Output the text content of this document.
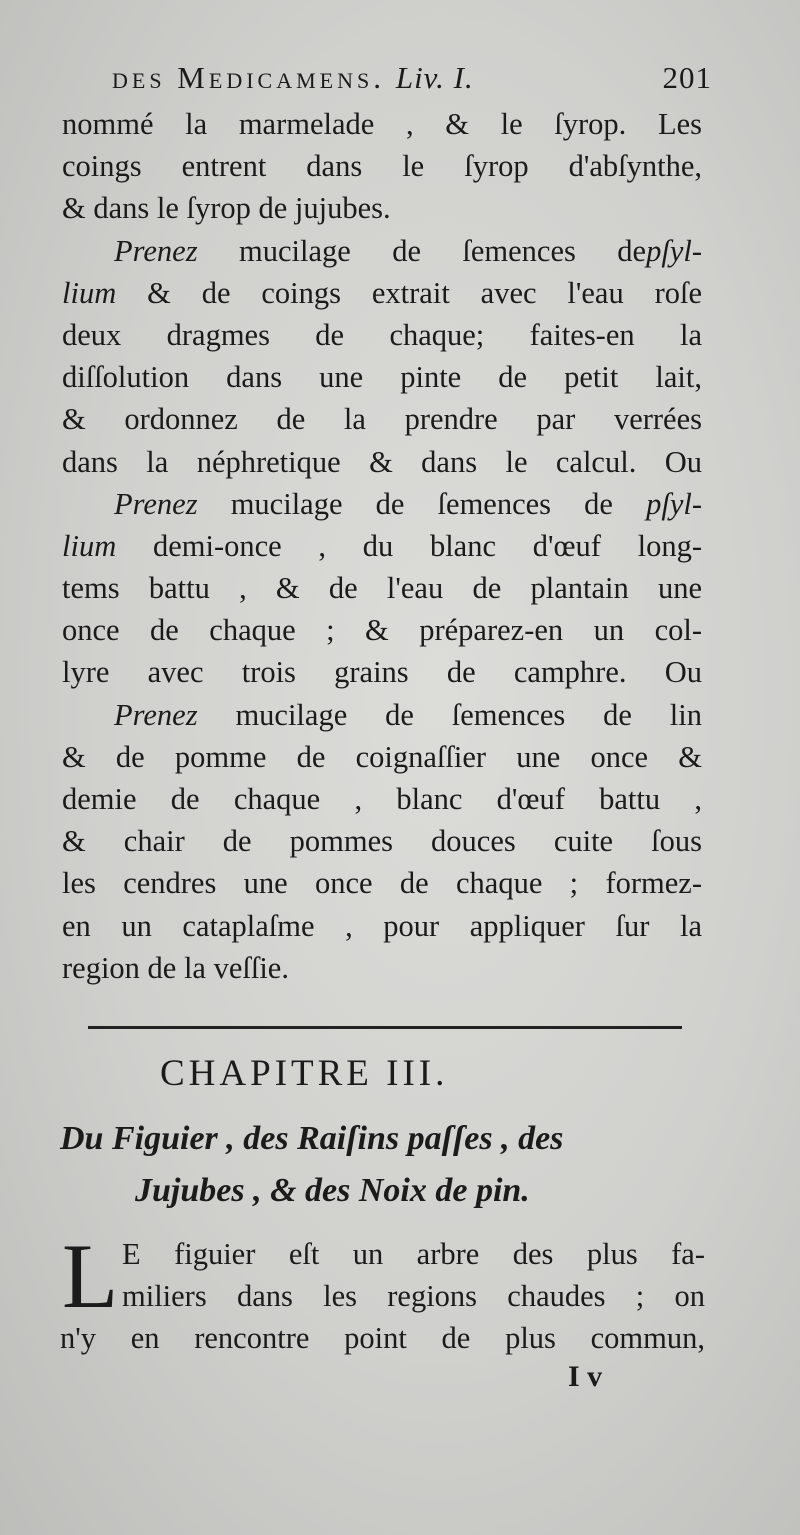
des Medicamens. Liv. I.	201
nommé la marmelade , & le ſyrop. Les
coings entrent dans le ſyrop d'abſynthe,
& dans le ſyrop de jujubes.
Prenez mucilage de ſemences depſyl-
lium & de coings extrait avec l'eau roſe
deux dragmes de chaque; faites-en la
diſſolution dans une pinte de petit lait,
& ordonnez de la prendre par verrées
dans la néphretique & dans le calcul. Ou
Prenez mucilage de ſemences de pſyl-
lium demi-once , du blanc d'œuf long-
tems battu , & de l'eau de plantain une
once de chaque ; & préparez-en un col-
lyre avec trois grains de camphre. Ou
Prenez mucilage de ſemences de lin
& de pomme de coignaſſier une once &
demie de chaque , blanc d'œuf battu ,
& chair de pommes douces cuite ſous
les cendres une once de chaque ; formez-
en un cataplaſme , pour appliquer ſur la
region de la veſſie.
CHAPITRE III.
Du Figuier , des Raiſins paſſes , des
Jujubes , & des Noix de pin.
L E figuier eſt un arbre des plus fa-
miliers dans les regions chaudes ; on
n'y en rencontre point de plus commun,
I v
